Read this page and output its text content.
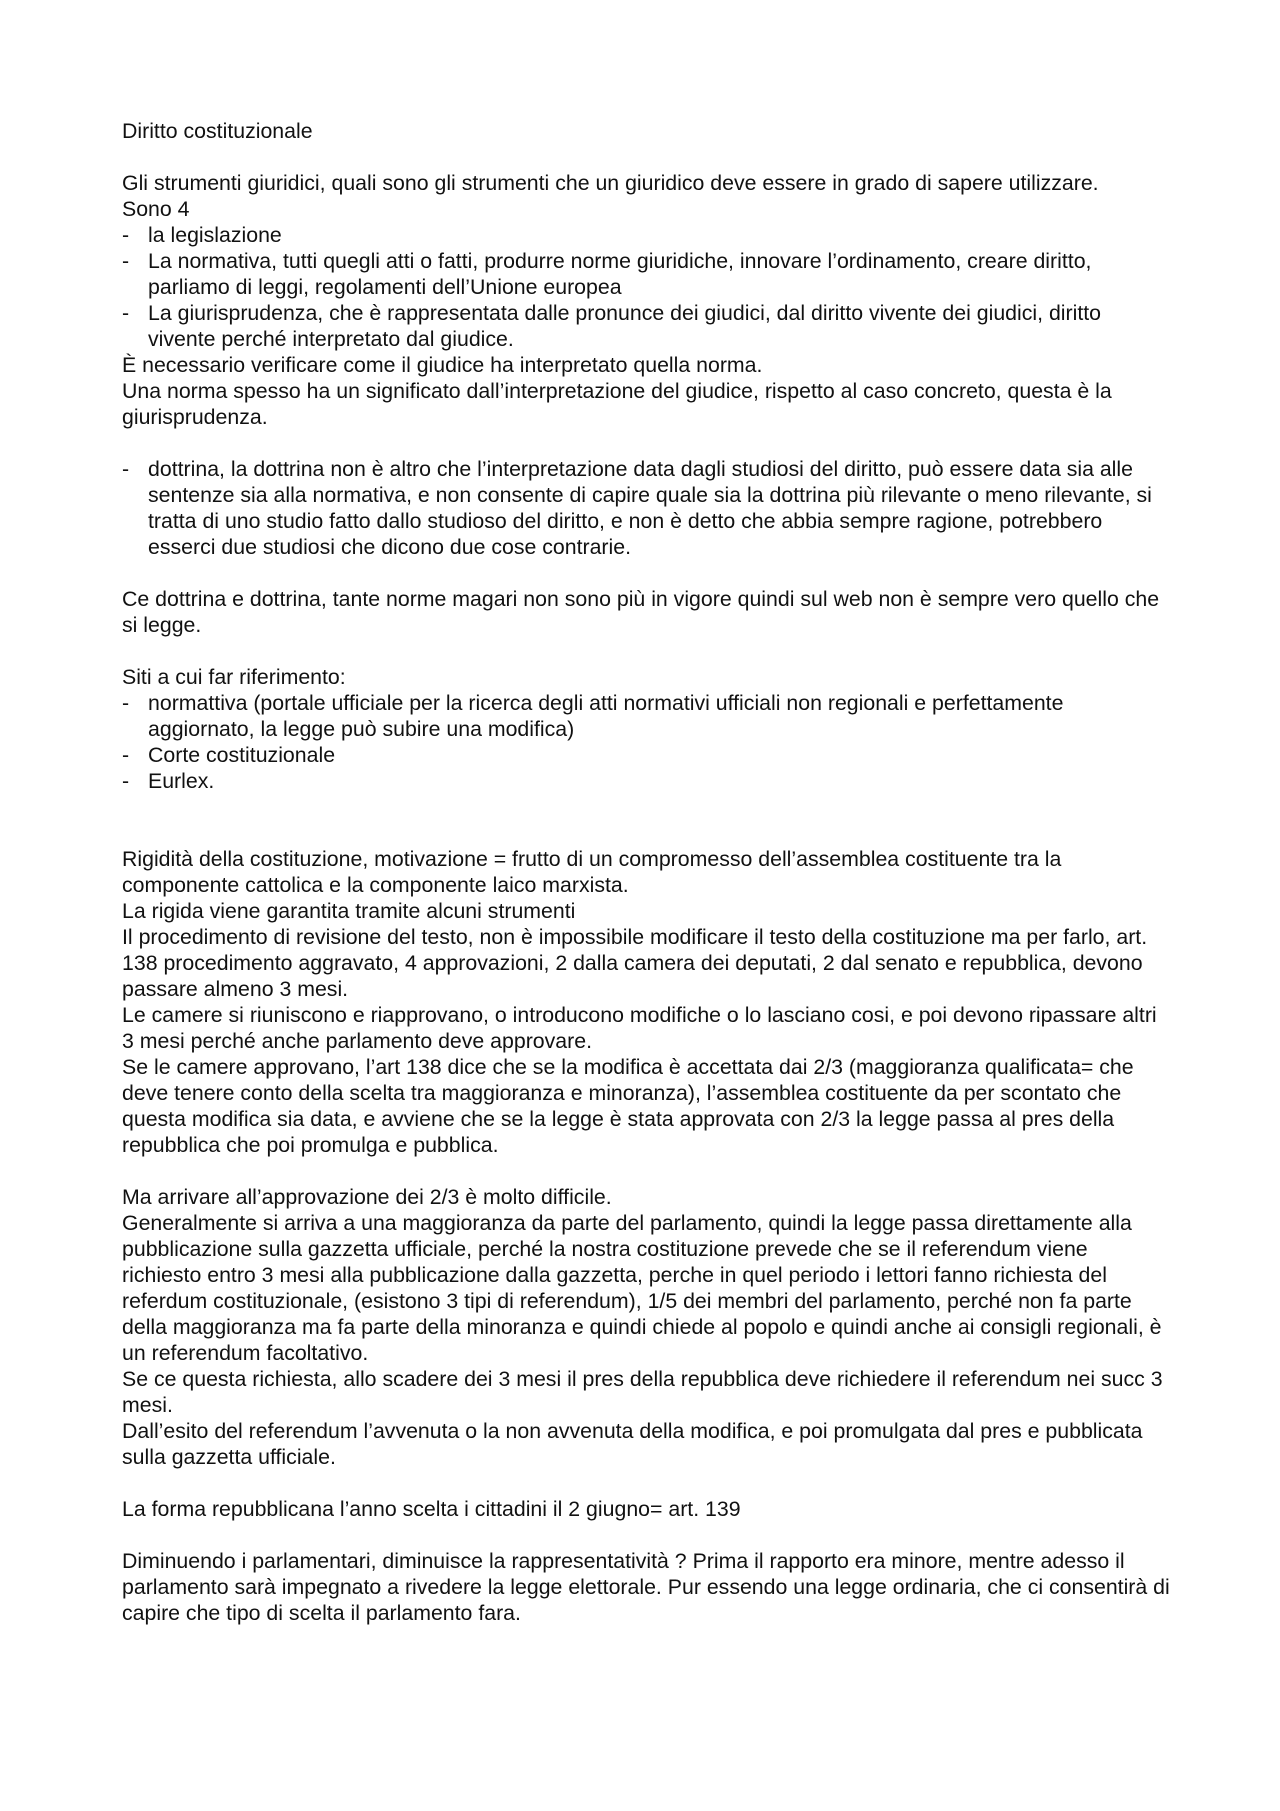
Diritto costituzionale

Gli strumenti giuridici, quali sono gli strumenti che un giuridico deve essere in grado di sapere utilizzare.

Sono 4

- la legislazione
- La normativa, tutti quegli atti o fatti, produrre norme giuridiche, innovare l’ordinamento, creare diritto, parliamo di leggi, regolamenti dell’Unione europea
- La giurisprudenza, che è rappresentata dalle pronunce dei giudici, dal diritto vivente dei giudici, diritto vivente perché interpretato dal giudice.

È necessario verificare come il giudice ha interpretato quella norma.

Una norma spesso ha un significato dall’interpretazione del giudice, rispetto al caso concreto, questa è la giurisprudenza.

- dottrina, la dottrina non è altro che l’interpretazione data dagli studiosi del diritto, può essere data sia alle sentenze sia alla normativa, e non consente di capire quale sia la dottrina più rilevante o meno rilevante, si tratta di uno studio fatto dallo studioso del diritto, e non è detto che abbia sempre ragione, potrebbero esserci due studiosi che dicono due cose contrarie.

Ce dottrina e dottrina, tante norme magari non sono più in vigore quindi sul web non è sempre vero quello che si legge.

Siti a cui far riferimento:

- normattiva (portale ufficiale per la ricerca degli atti normativi ufficiali non regionali e perfettamente aggiornato, la legge può subire una modifica)
- Corte costituzionale
- Eurlex.

Rigidità della costituzione, motivazione = frutto di un compromesso dell’assemblea costituente tra la componente cattolica e la componente laico marxista.

La rigida viene garantita tramite alcuni strumenti

Il procedimento di revisione del testo, non è impossibile modificare il testo della costituzione ma per farlo, art. 138 procedimento aggravato, 4 approvazioni, 2 dalla camera dei deputati, 2 dal senato e repubblica, devono passare almeno 3 mesi.

Le camere si riuniscono e riapprovano, o introducono modifiche o lo lasciano cosi, e poi devono ripassare altri 3 mesi perché anche parlamento deve approvare.

Se le camere approvano, l’art 138 dice che se la modifica è accettata dai 2/3 (maggioranza qualificata= che deve tenere conto della scelta tra maggioranza e minoranza), l’assemblea costituente da per scontato che questa modifica sia data, e avviene che se la legge è stata approvata con 2/3 la legge passa al pres della repubblica che poi promulga e pubblica.

Ma arrivare all’approvazione dei 2/3 è molto difficile.

Generalmente si arriva a una maggioranza da parte del parlamento, quindi la legge passa direttamente alla pubblicazione sulla gazzetta ufficiale, perché la nostra costituzione prevede che se il referendum viene richiesto entro 3 mesi alla pubblicazione dalla gazzetta, perche in quel periodo i lettori fanno richiesta del referdum costituzionale, (esistono 3 tipi di referendum), 1/5 dei membri del parlamento, perché non fa parte della maggioranza ma fa parte della minoranza e quindi chiede al popolo e quindi anche ai consigli regionali, è un referendum facoltativo.

Se ce questa richiesta, allo scadere dei 3 mesi il pres della repubblica deve richiedere il referendum nei succ 3 mesi.

Dall’esito del referendum l’avvenuta o la non avvenuta della modifica, e poi promulgata dal pres e pubblicata sulla gazzetta ufficiale.

La forma repubblicana l’anno scelta i cittadini il 2 giugno= art. 139

Diminuendo i parlamentari, diminuisce la rappresentatività ? Prima il rapporto era minore, mentre adesso il parlamento sarà impegnato a rivedere la legge elettorale. Pur essendo una legge ordinaria, che ci consentirà di capire che tipo di scelta il parlamento fara.
